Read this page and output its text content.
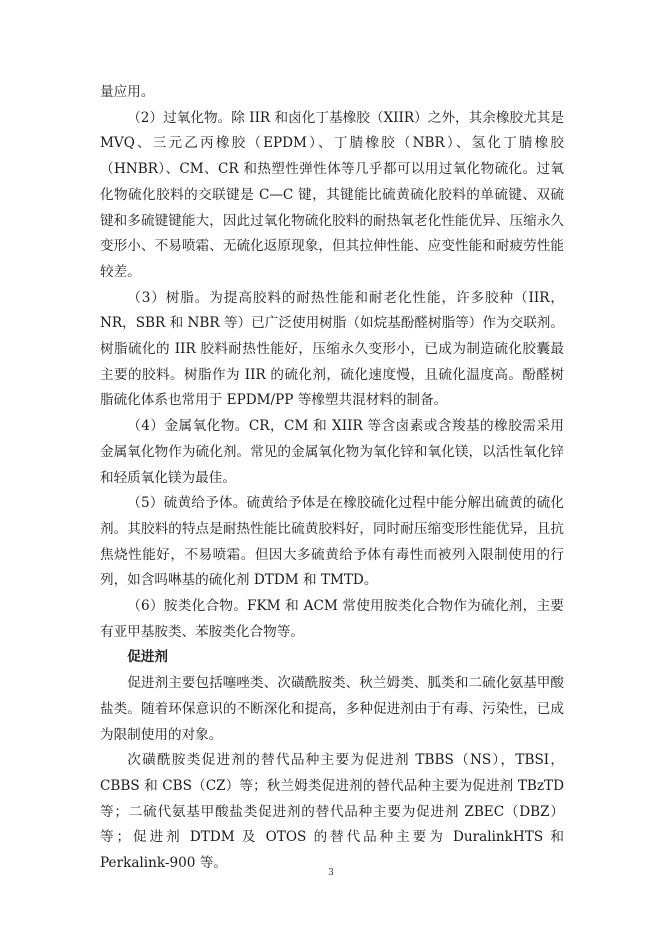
量应用。

（2）过氧化物。除 IIR 和卤化丁基橡胶（XIIR）之外，其余橡胶尤其是 MVQ、三元乙丙橡胶（EPDM）、丁腈橡胶（NBR）、氢化丁腈橡胶（HNBR）、CM、CR 和热塑性弹性体等几乎都可以用过氧化物硫化。过氧化物硫化胶料的交联键是 C—C 键，其键能比硫黄硫化胶料的单硫键、双硫键和多硫键键能大，因此过氧化物硫化胶料的耐热氧老化性能优异、压缩永久变形小、不易喷霜、无硫化返原现象，但其拉伸性能、应变性能和耐疲劳性能较差。

（3）树脂。为提高胶料的耐热性能和耐老化性能，许多胶种（IIR，NR，SBR 和 NBR 等）已广泛使用树脂（如烷基酚醛树脂等）作为交联剂。树脂硫化的 IIR 胶料耐热性能好，压缩永久变形小，已成为制造硫化胶囊最主要的胶料。树脂作为 IIR 的硫化剂，硫化速度慢，且硫化温度高。酚醛树脂硫化体系也常用于 EPDM/PP 等橡塑共混材料的制备。

（4）金属氧化物。CR，CM 和 XIIR 等含卤素或含羧基的橡胶需采用金属氧化物作为硫化剂。常见的金属氧化物为氧化锌和氧化镁，以活性氧化锌和轻质氧化镁为最佳。

（5）硫黄给予体。硫黄给予体是在橡胶硫化过程中能分解出硫黄的硫化剂。其胶料的特点是耐热性能比硫黄胶料好，同时耐压缩变形性能优异，且抗焦烧性能好，不易喷霜。但因大多硫黄给予体有毒性而被列入限制使用的行列，如含吗啉基的硫化剂 DTDM 和 TMTD。

（6）胺类化合物。FKM 和 ACM 常使用胺类化合物作为硫化剂，主要有亚甲基胺类、苯胺类化合物等。

促进剂

促进剂主要包括噻唑类、次磺酰胺类、秋兰姆类、胍类和二硫化氨基甲酸盐类。随着环保意识的不断深化和提高，多种促进剂由于有毒、污染性，已成为限制使用的对象。

次磺酰胺类促进剂的替代品种主要为促进剂 TBBS（NS），TBSI，CBBS 和 CBS（CZ）等；秋兰姆类促进剂的替代品种主要为促进剂 TBzTD 等；二硫代氨基甲酸盐类促进剂的替代品种主要为促进剂 ZBEC（DBZ）等；促进剂 DTDM 及 OTOS 的替代品种主要为 DuralinkHTS 和 Perkalink-900 等。

3
